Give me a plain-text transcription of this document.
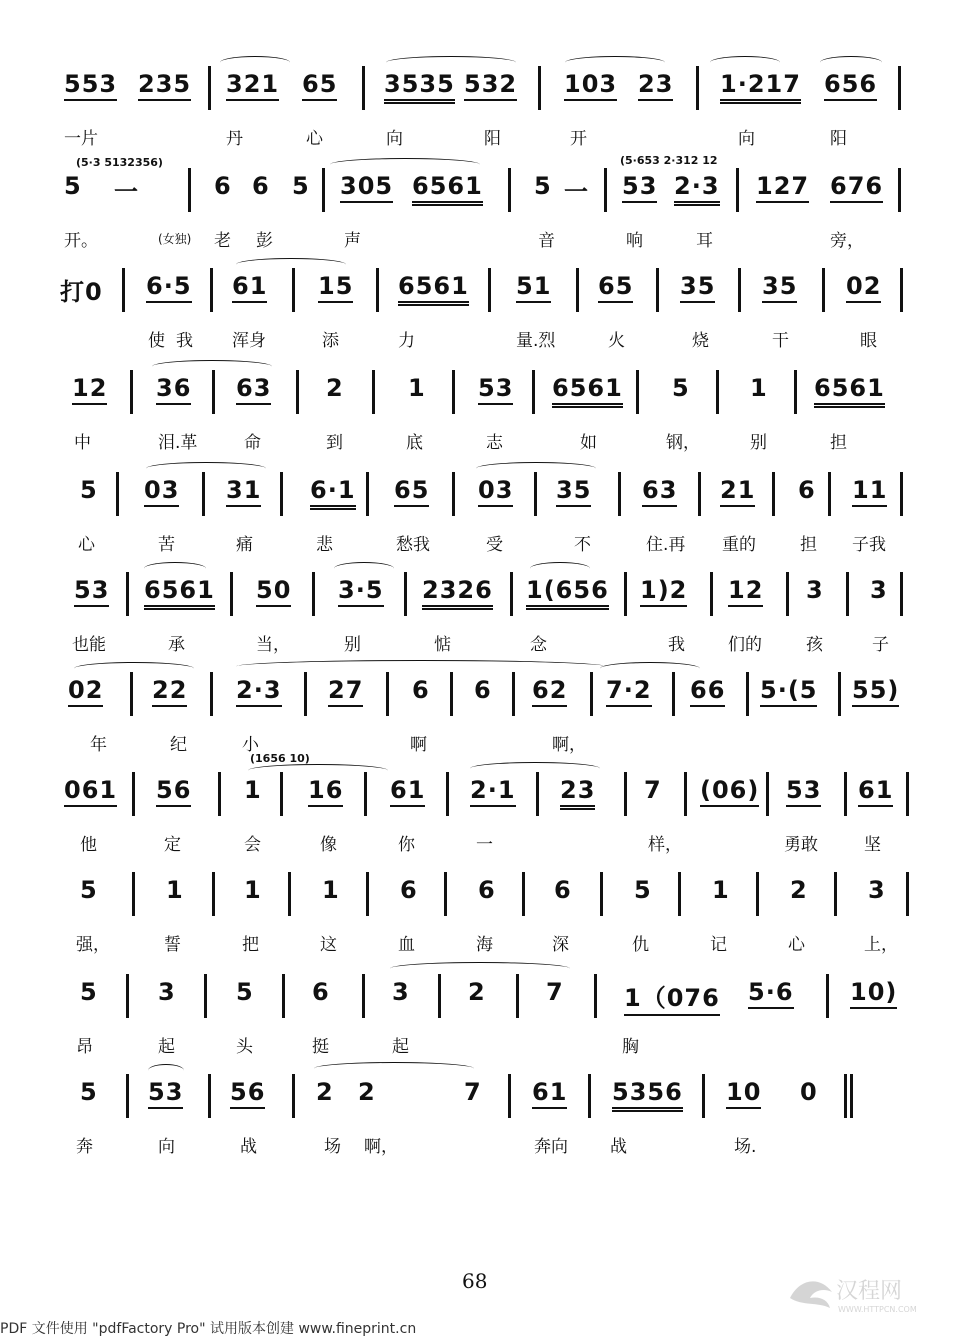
553 235 321 65 3535 532 103 23 1·217 656
一片	丹	心	向	阳	开	向	阳
(5·3 5132356)	(5·653 2·312 12
5 一	6 6 5 305 6561 5 一 53 2·3 127 676
开。	(女独) 老 彭	声	音	响	耳	旁，
打0 6·5 61 15 6561 51 65 35 35 02
使 我 浑身	添	力	量.烈	火	烧	干	眼
12 36 63 2	1 53 6561 5	1 6561
中	泪.革	命	到	底	志	如	钢，	别	担
5 03 31 6·1 65 03 35 63 21 6 11
心	苦	痛	悲	愁我	受	不	住.再 重的	担 子我
53 6561 50 3·5 2326 1(656 1)2 12 3 3
也能	承	当，	别	惦	念	我	们的	孩	子
02 22 2·3 27 6 6 62 7·2 66 5·(5 55)
年	纪	小	啊	啊，
(1656 10)
061 56 1 16 61 2·1 23 7 (06) 53 61
他	定	会	像	你	一	样，	勇敢	坚
5	1	1	1	6	6 6	5	1	2	3
强，	誓	把	这	血	海	深	仇	记	心	上，
5	3	5 6	3 2	7	1（076 5·6 10)
昂	起	头	挺	起	胸
5 53 56 2 2	7 61 5356 10 0
奔	向	战	场 啊，	奔向 战	场.
68	汉程网
WWW.HTTPCN.COM
PDF 文件使用 "pdfFactory Pro" 试用版本创建 www.fineprint.cn
